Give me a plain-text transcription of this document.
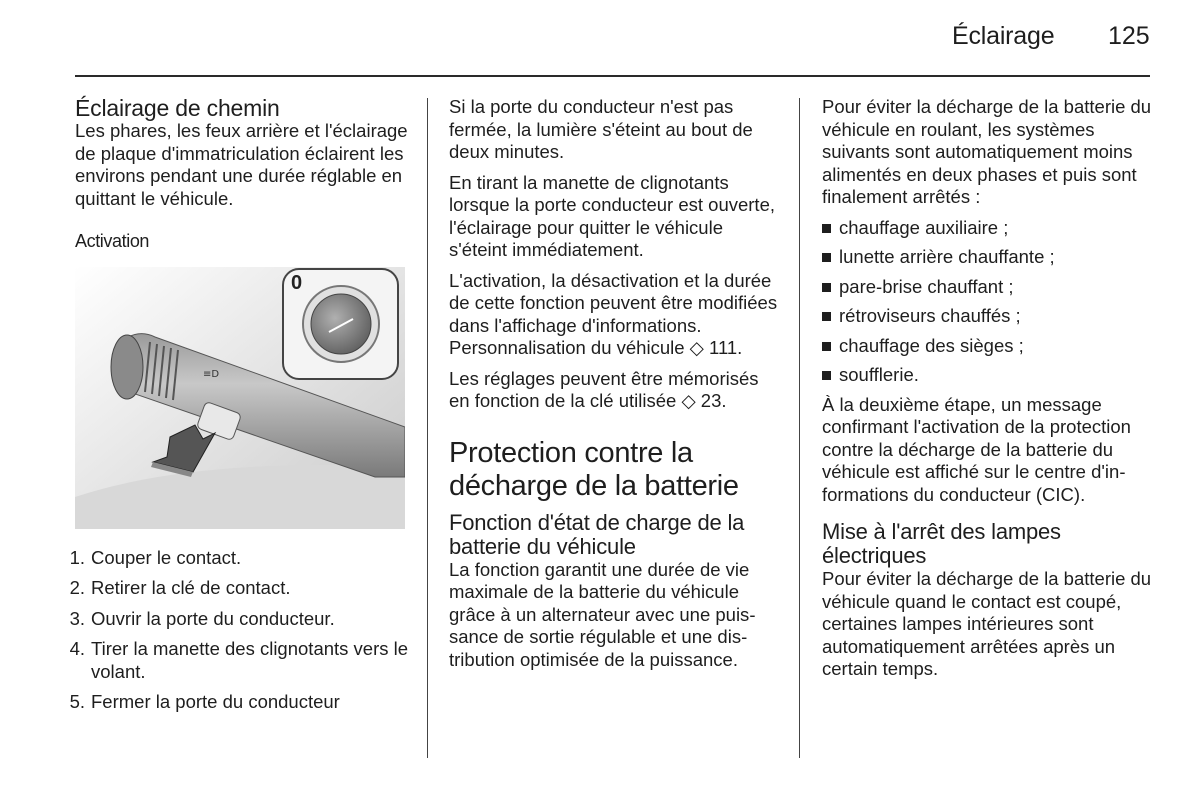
Éclairage 125
Éclairage de chemin

Les phares, les feux arrière et l'éclairage de plaque d'immatriculation éclairent les environs pendant une durée réglable en quittant le véhicule.

Activation
≡D
0
1. Couper le contact.
2. Retirer la clé de contact.
3. Ouvrir la porte du conducteur.
4. Tirer la manette des clignotants vers le volant.
5. Fermer la porte du conducteur

Si la porte du conducteur n'est pas fermée, la lumière s'éteint au bout de deux minutes.

En tirant la manette de clignotants lorsque la porte conducteur est ouverte, l'éclairage pour quitter le véhicule s'éteint immédiatement.

L'activation, la désactivation et la durée de cette fonction peuvent être modifiées dans l'affichage d'informations. Personnalisation du véhicule ◇ 111.

Les réglages peuvent être mémorisés en fonction de la clé utilisée ◇ 23.

Protection contre la décharge de la batterie
Fonction d'état de charge de la batterie du véhicule

La fonction garantit une durée de vie maximale de la batterie du véhicule grâce à un alternateur avec une puissance de sortie régulable et une distribution optimisée de la puissance.

Pour éviter la décharge de la batterie du véhicule en roulant, les systèmes suivants sont automatiquement moins alimentés en deux phases et puis sont finalement arrêtés :

chauffage auxiliaire ;
lunette arrière chauffante ;
pare-brise chauffant ;
rétroviseurs chauffés ;
chauffage des sièges ;
soufflerie.

À la deuxième étape, un message confirmant l'activation de la protection contre la décharge de la batterie du véhicule est affiché sur le centre d'informations du conducteur (CIC).

Mise à l'arrêt des lampes électriques

Pour éviter la décharge de la batterie du véhicule quand le contact est coupé, certaines lampes intérieures sont automatiquement arrêtées après un certain temps.
